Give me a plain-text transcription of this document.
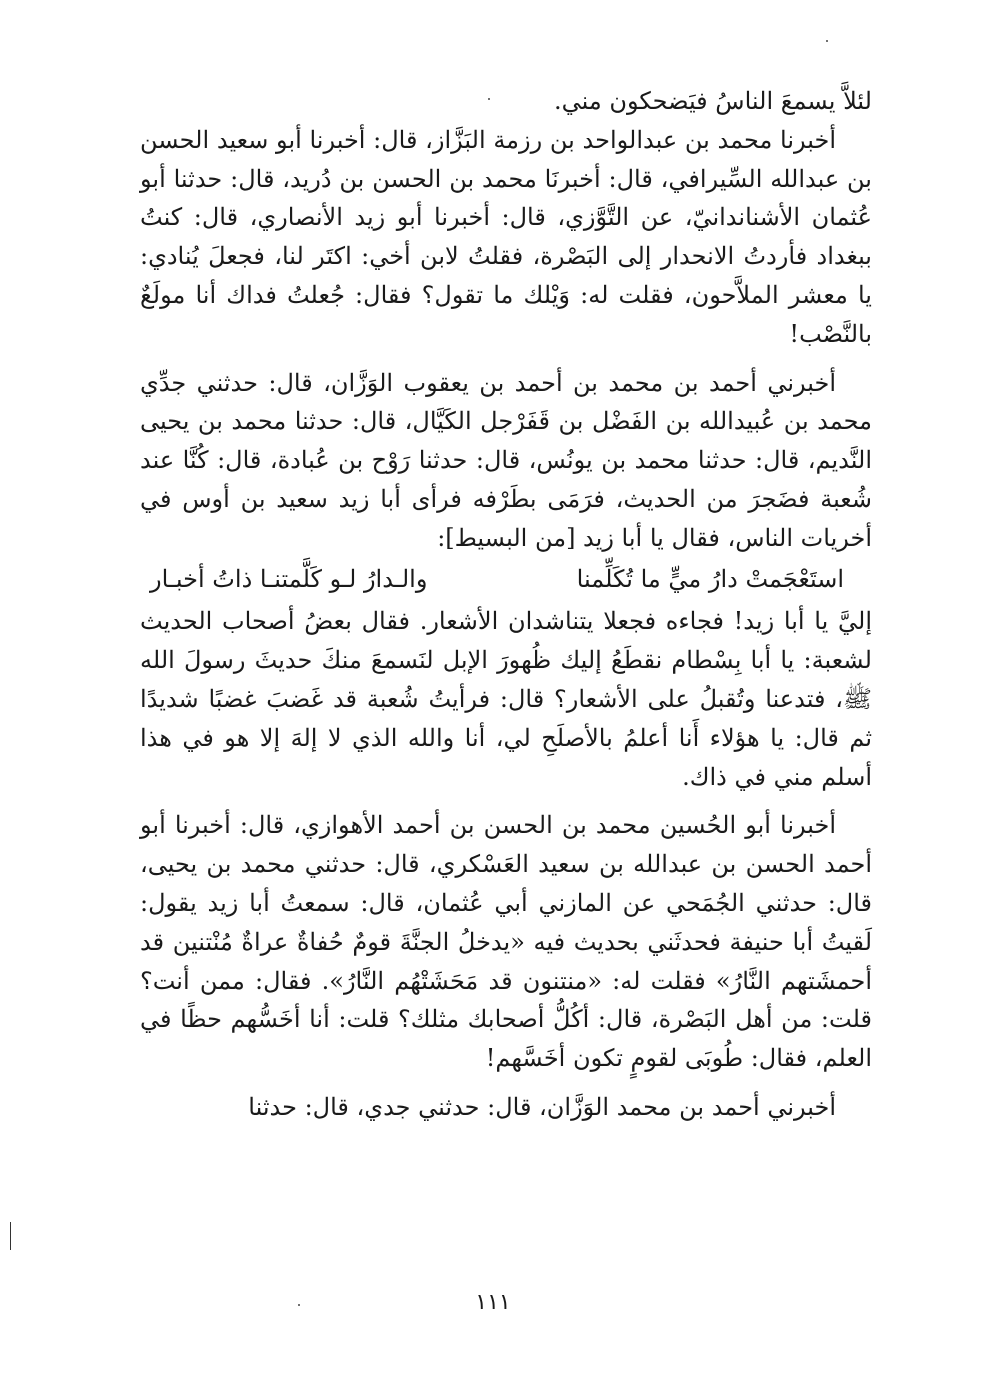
لئلاَّ يسمعَ الناسُ فيَضحكون مني.

أخبرنا محمد بن عبدالواحد بن رزمة البَزَّاز، قال: أخبرنا أبو سعيد الحسن بن عبدالله السِّيرافي، قال: أخبرنَا محمد بن الحسن بن دُريد، قال: حدثنا أبو عُثمان الأشناندانيّ، عن التَّوَّزي، قال: أخبرنا أبو زيد الأنصاري، قال: كنتُ ببغداد فأردتُ الانحدار إلى البَصْرة، فقلتُ لابن أخي: اكتَر لنا، فجعلَ يُنادي: يا معشر الملاَّحون، فقلت له: وَيْلك ما تقول؟ فقال: جُعلتُ فداك أنا مولَعٌ بالنَّصْب!

أخبرني أحمد بن محمد بن أحمد بن يعقوب الوَزَّان، قال: حدثني جدِّي محمد بن عُبيدالله بن الفَضْل بن قَفَرْجل الكَيَّال، قال: حدثنا محمد بن يحيى النَّديم، قال: حدثنا محمد بن يونُس، قال: حدثنا رَوْح بن عُبادة، قال: كُنَّا عند شُعبة فضَجرَ من الحديث، فرَمَى بطَرْفه فرأى أبا زيد سعيد بن أوس في أخريات الناس، فقال يا أبا زيد [من البسيط]:

استَعْجَمتْ دارُ ميٍّ ما تُكَلِّمنا
والـدارُ لـو كَلَّمتنـا ذاتُ أخبـار

إليَّ يا أبا زيد! فجاءه فجعلا يتناشدان الأشعار. فقال بعضُ أصحاب الحديث لشعبة: يا أبا بِسْطام نقطَعُ إليك ظُهورَ الإبل لنَسمعَ منكَ حديثَ رسولَ الله ﷺ، فتدعنا وتُقبلُ على الأشعار؟ قال: فرأيتُ شُعبة قد غَضبَ غضبًا شديدًا ثم قال: يا هؤلاء أَنا أعلمُ بالأصلَحِ لي، أنا والله الذي لا إلهَ إلا هو في هذا أسلم مني في ذاك.

أخبرنا أبو الحُسين محمد بن الحسن بن أحمد الأهوازي، قال: أخبرنا أبو أحمد الحسن بن عبدالله بن سعيد العَسْكري، قال: حدثني محمد بن يحيى، قال: حدثني الجُمَحي عن المازني أبي عُثمان، قال: سمعتُ أبا زيد يقول: لَقيتُ أبا حنيفة فحدثَني بحديث فيه «يدخلُ الجنَّةَ قومٌ حُفاةٌ عراةٌ مُنْتنين قد أحمشَتهم النَّارُ» فقلت له: «منتنون قد مَحَشَتْهُم النَّارُ». فقال: ممن أنت؟ قلت: من أهل البَصْرة، قال: أكُلُّ أصحابك مثلك؟ قلت: أنا أخَسُّهم حظًا في العلم، فقال: طُوبَى لقومٍ تكون أخَسَّهم!

أخبرني أحمد بن محمد الوَزَّان، قال: حدثني جدي، قال: حدثنا

١١١
